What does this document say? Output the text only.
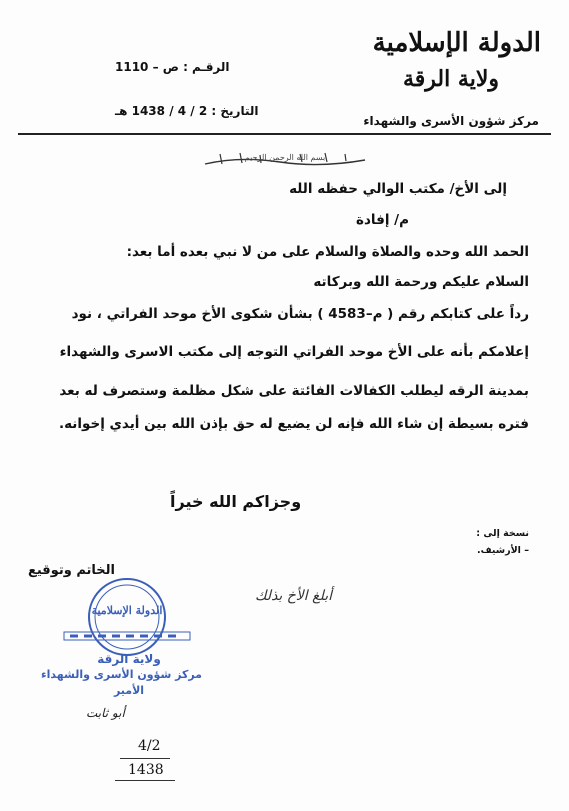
الدولة الإسلامية
ولاية الرقة
مركز شؤون الأسرى والشهداء
الرقـم : ص – 1110
التاريخ : 2 / 4 / 1438 هـ
بسم الله الرحمن الرحيم
إلى الأخ/ مكتب الوالي حفظه الله
م/ إفادة
الحمد الله وحده والصلاة والسلام على من لا نبي بعده أما بعد:
السلام عليكم ورحمة الله وبركاته
رداً على كتابكم رقم ( م–4583 ) بشأن شكوى الأخ موحد الفراتي ، نود
إعلامكم بأنه على الأخ موحد الفراتي التوجه إلى مكتب الاسرى والشهداء
بمدينة الرقه ليطلب الكفالات الفائتة على شكل مظلمة وستصرف له بعد
فتره بسيطة إن شاء الله فإنه لن يضيع له حق بإذن الله بين أيدي إخوانه.
وجزاكم الله خيراً
نسخة إلى :
– الأرشيف.
الخاتم وتوقيع
الدولة الإسلامية
ولاية الرقة
مركز شؤون الأسرى والشهداء
الأمير
أبو ثابت
أبلغ الأخ بذلك
4/2
1438
